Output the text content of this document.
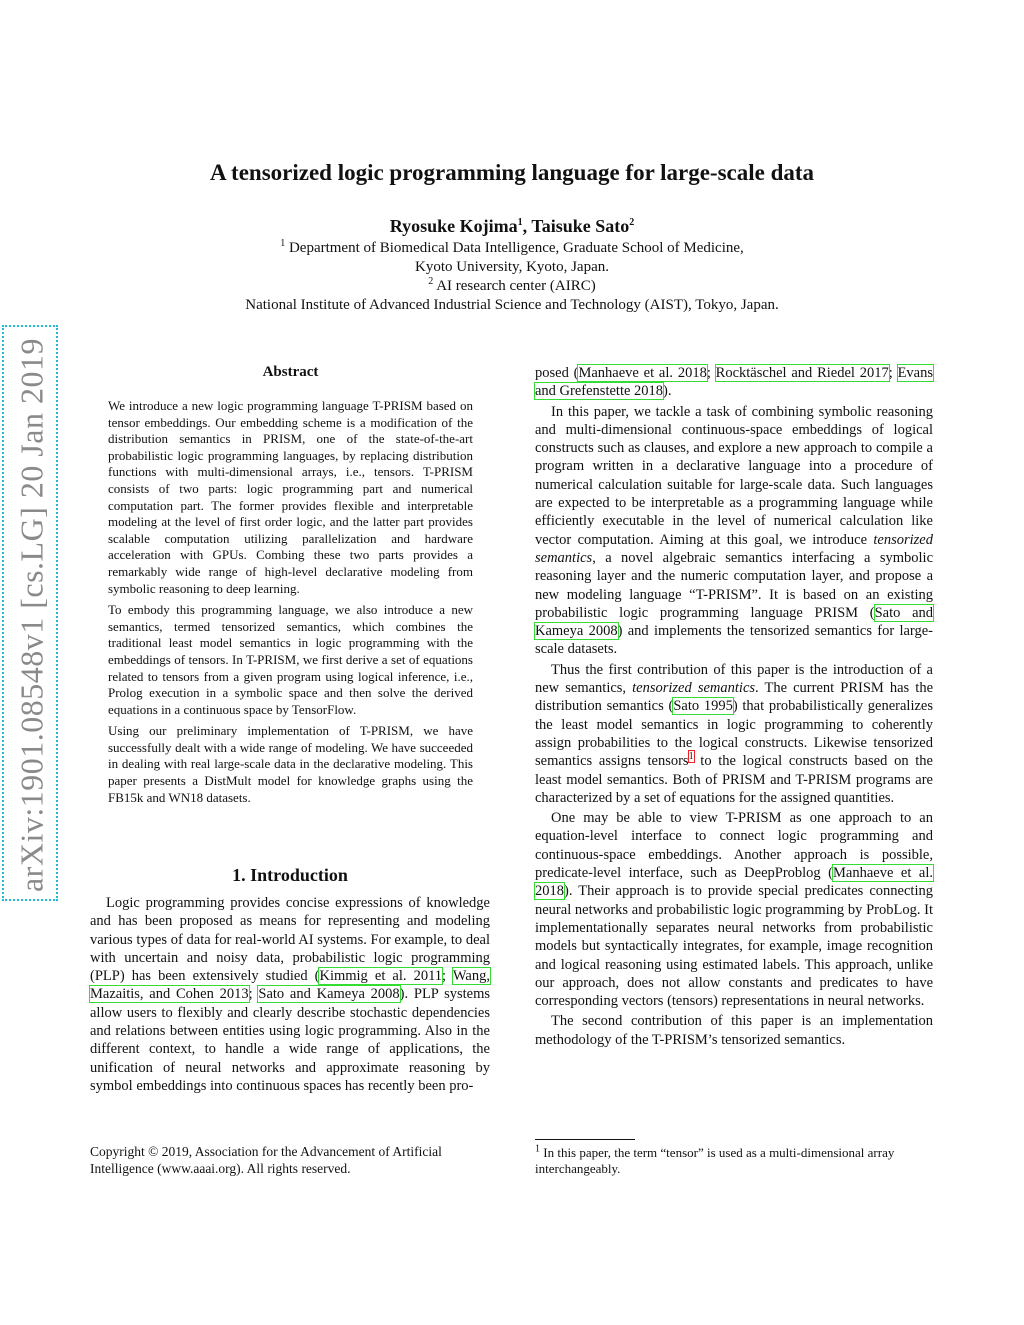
arXiv:1901.08548v1 [cs.LG] 20 Jan 2019
A tensorized logic programming language for large-scale data
Ryosuke Kojima$^1$, Taisuke Sato$^2$
$^1$ Department of Biomedical Data Intelligence, Graduate School of Medicine,
Kyoto University, Kyoto, Japan.
$^2$ AI research center (AIRC)
National Institute of Advanced Industrial Science and Technology (AIST), Tokyo, Japan.
Abstract

We introduce a new logic programming language T-PRISM based on tensor embeddings. Our embedding scheme is a modification of the distribution semantics in PRISM, one of the state-of-the-art probabilistic logic programming languages, by replacing distribution functions with multi-dimensional arrays, i.e., tensors. T-PRISM consists of two parts: logic programming part and numerical computation part. The former provides flexible and interpretable modeling at the level of first order logic, and the latter part provides scalable computation utilizing parallelization and hardware acceleration with GPUs. Combing these two parts provides a remarkably wide range of high-level declarative modeling from symbolic reasoning to deep learning.

To embody this programming language, we also introduce a new semantics, termed tensorized semantics, which combines the traditional least model semantics in logic programming with the embeddings of tensors. In T-PRISM, we first derive a set of equations related to tensors from a given program using logical inference, i.e., Prolog execution in a symbolic space and then solve the derived equations in a continuous space by TensorFlow.

Using our preliminary implementation of T-PRISM, we have successfully dealt with a wide range of modeling. We have succeeded in dealing with real large-scale data in the declarative modeling. This paper presents a DistMult model for knowledge graphs using the FB15k and WN18 datasets.

1. Introduction

Logic programming provides concise expressions of knowledge and has been proposed as means for representing and modeling various types of data for real-world AI systems. For example, to deal with uncertain and noisy data, probabilistic logic programming (PLP) has been extensively studied (Kimmig et al. 2011; Wang, Mazaitis, and Cohen 2013; Sato and Kameya 2008). PLP systems allow users to flexibly and clearly describe stochastic dependencies and relations between entities using logic programming. Also in the different context, to handle a wide range of applications, the unification of neural networks and approximate reasoning by symbol embeddings into continuous spaces has recently been pro-

Copyright © 2019, Association for the Advancement of Artificial Intelligence (www.aaai.org). All rights reserved.

posed (Manhaeve et al. 2018; Rocktäschel and Riedel 2017; Evans and Grefenstette 2018).

In this paper, we tackle a task of combining symbolic reasoning and multi-dimensional continuous-space embeddings of logical constructs such as clauses, and explore a new approach to compile a program written in a declarative language into a procedure of numerical calculation suitable for large-scale data. Such languages are expected to be interpretable as a programming language while efficiently executable in the level of numerical calculation like vector computation. Aiming at this goal, we introduce tensorized semantics, a novel algebraic semantics interfacing a symbolic reasoning layer and the numeric computation layer, and propose a new modeling language “T-PRISM”. It is based on an existing probabilistic logic programming language PRISM (Sato and Kameya 2008) and implements the tensorized semantics for large-scale datasets.

Thus the first contribution of this paper is the introduction of a new semantics, tensorized semantics. The current PRISM has the distribution semantics (Sato 1995) that probabilistically generalizes the least model semantics in logic programming to coherently assign probabilities to the logical constructs. Likewise tensorized semantics assigns tensors$^1$ to the logical constructs based on the least model semantics. Both of PRISM and T-PRISM programs are characterized by a set of equations for the assigned quantities.

One may be able to view T-PRISM as one approach to an equation-level interface to connect logic programming and continuous-space embeddings. Another approach is possible, predicate-level interface, such as DeepProblog (Manhaeve et al. 2018). Their approach is to provide special predicates connecting neural networks and probabilistic logic programming by ProbLog. It implementationally separates neural networks from probabilistic models but syntactically integrates, for example, image recognition and logical reasoning using estimated labels. This approach, unlike our approach, does not allow constants and predicates to have corresponding vectors (tensors) representations in neural networks.

The second contribution of this paper is an implementation methodology of the T-PRISM’s tensorized semantics.

$^1$ In this paper, the term “tensor” is used as a multi-dimensional array interchangeably.
